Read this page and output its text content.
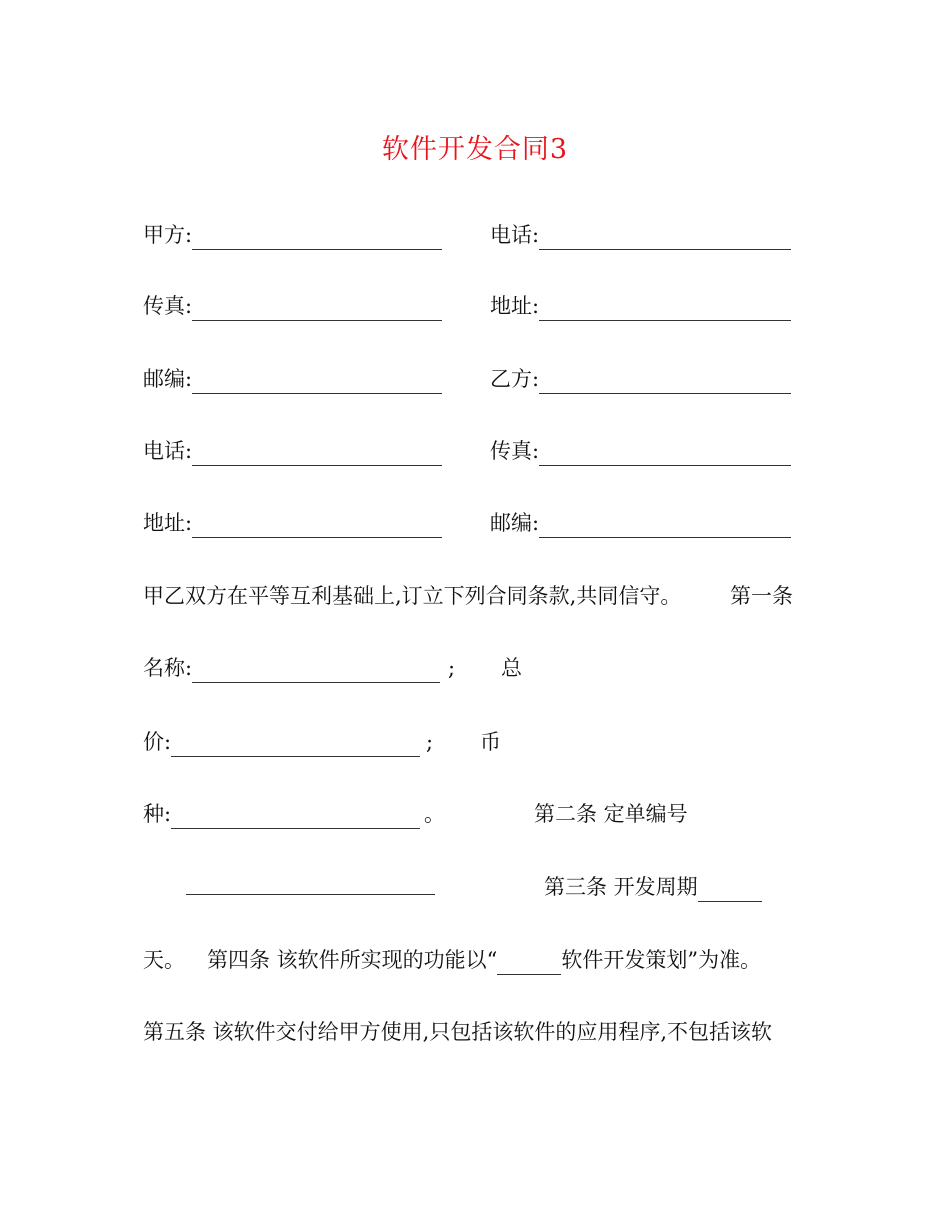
软件开发合同3
甲方:	电话:
传真:	地址:
邮编:	乙方:
电话:	传真:
地址:	邮编:
甲乙双方在平等互利基础上,订立下列合同条款,共同信守。 第一条
名称:	; 总
价:	; 币
种:	。	第二条 定单编号
第三条 开发周期
天。 第四条 该软件所实现的功能以“	软件开发策划”为准。
第五条 该软件交付给甲方使用,只包括该软件的应用程序,不包括该软
